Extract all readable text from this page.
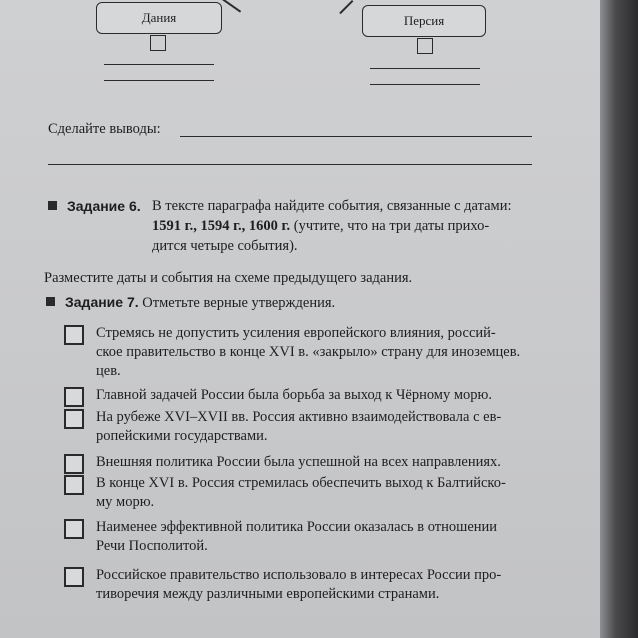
Дания	Персия
Сделайте выводы:
Задание 6. В тексте параграфа найдите события, связанные с датами:
1591 г., 1594 г., 1600 г. (учтите, что на три даты прихо-
дится четыре события).
Разместите даты и события на схеме предыдущего задания.
Задание 7. Отметьте верные утверждения.
Стремясь не допустить усиления европейского влияния, россий-
ское правительство в конце XVI в. «закрыло» страну для иноземцев.
цев.
Главной задачей России была борьба за выход к Чёрному морю.
На рубеже XVI–XVII вв. Россия активно взаимодействовала с ев-
ропейскими государствами.
Внешняя политика России была успешной на всех направлениях.
В конце XVI в. Россия стремилась обеспечить выход к Балтийско-
му морю.
Наименее эффективной политика России оказалась в отношении
Речи Посполитой.
Российское правительство использовало в интересах России про-
тиворечия между различными европейскими странами.
